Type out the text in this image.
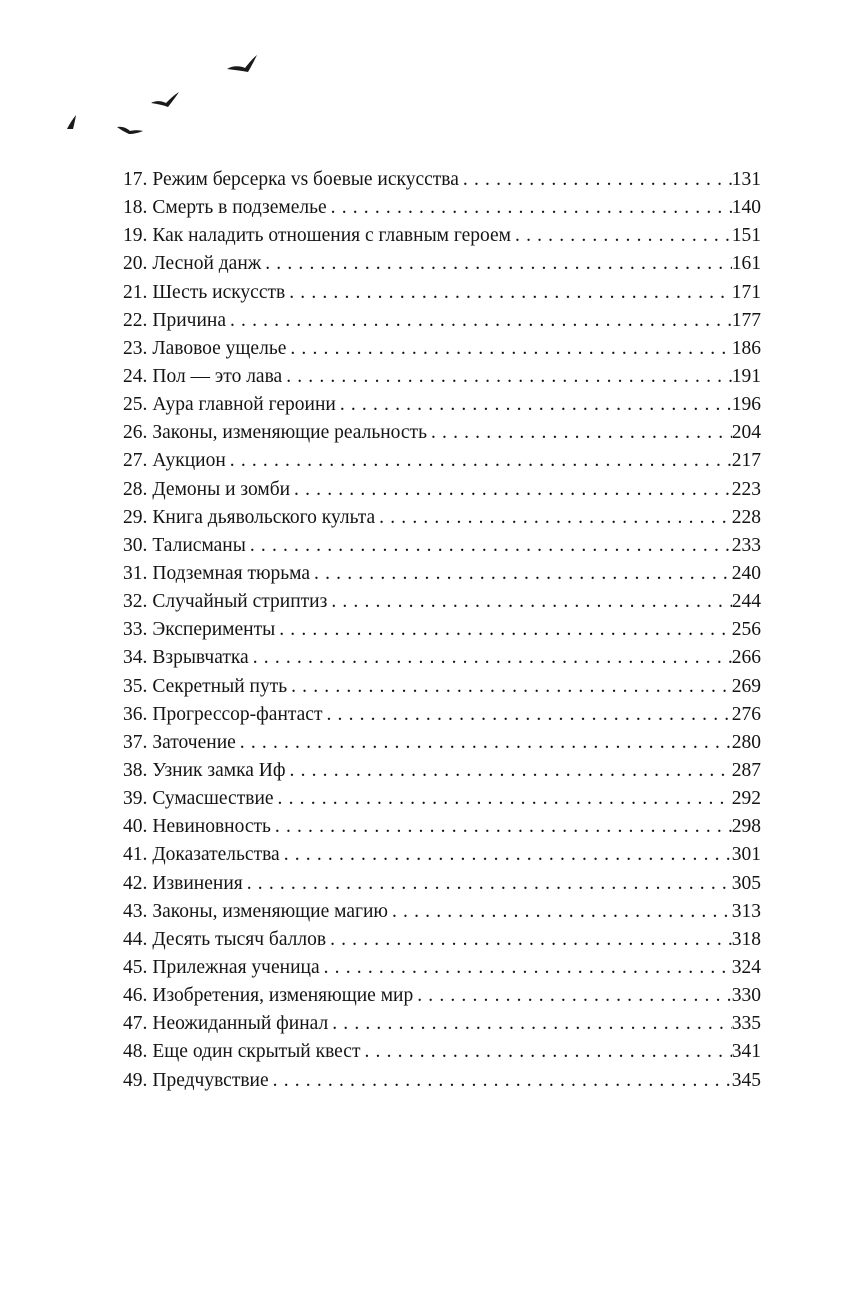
17. Режим берсерка vs боевые искусства . . .	131
18. Смерть в подземелье . . .	140
19. Как наладить отношения с главным героем . . .	151
20. Лесной данж . . .	161
21. Шесть искусств . . .	171
22. Причина . . .	177
23. Лавовое ущелье . . .	186
24. Пол — это лава . . .	191
25. Аура главной героини . . .	196
26. Законы, изменяющие реальность . . .	204
27. Аукцион . . .	217
28. Демоны и зомби . . .	223
29. Книга дьявольского культа . . .	228
30. Талисманы . . .	233
31. Подземная тюрьма . . .	240
32. Случайный стриптиз . . .	244
33. Эксперименты . . .	256
34. Взрывчатка . . .	266
35. Секретный путь . . .	269
36. Прогрессор-фантаст . . .	276
37. Заточение . . .	280
38. Узник замка Иф . . .	287
39. Сумасшествие . . .	292
40. Невиновность . . .	298
41. Доказательства . . .	301
42. Извинения . . .	305
43. Законы, изменяющие магию . . .	313
44. Десять тысяч баллов . . .	318
45. Прилежная ученица . . .	324
46. Изобретения, изменяющие мир . . .	330
47. Неожиданный финал . . .	335
48. Еще один скрытый квест . . .	341
49. Предчувствие . . .	345
